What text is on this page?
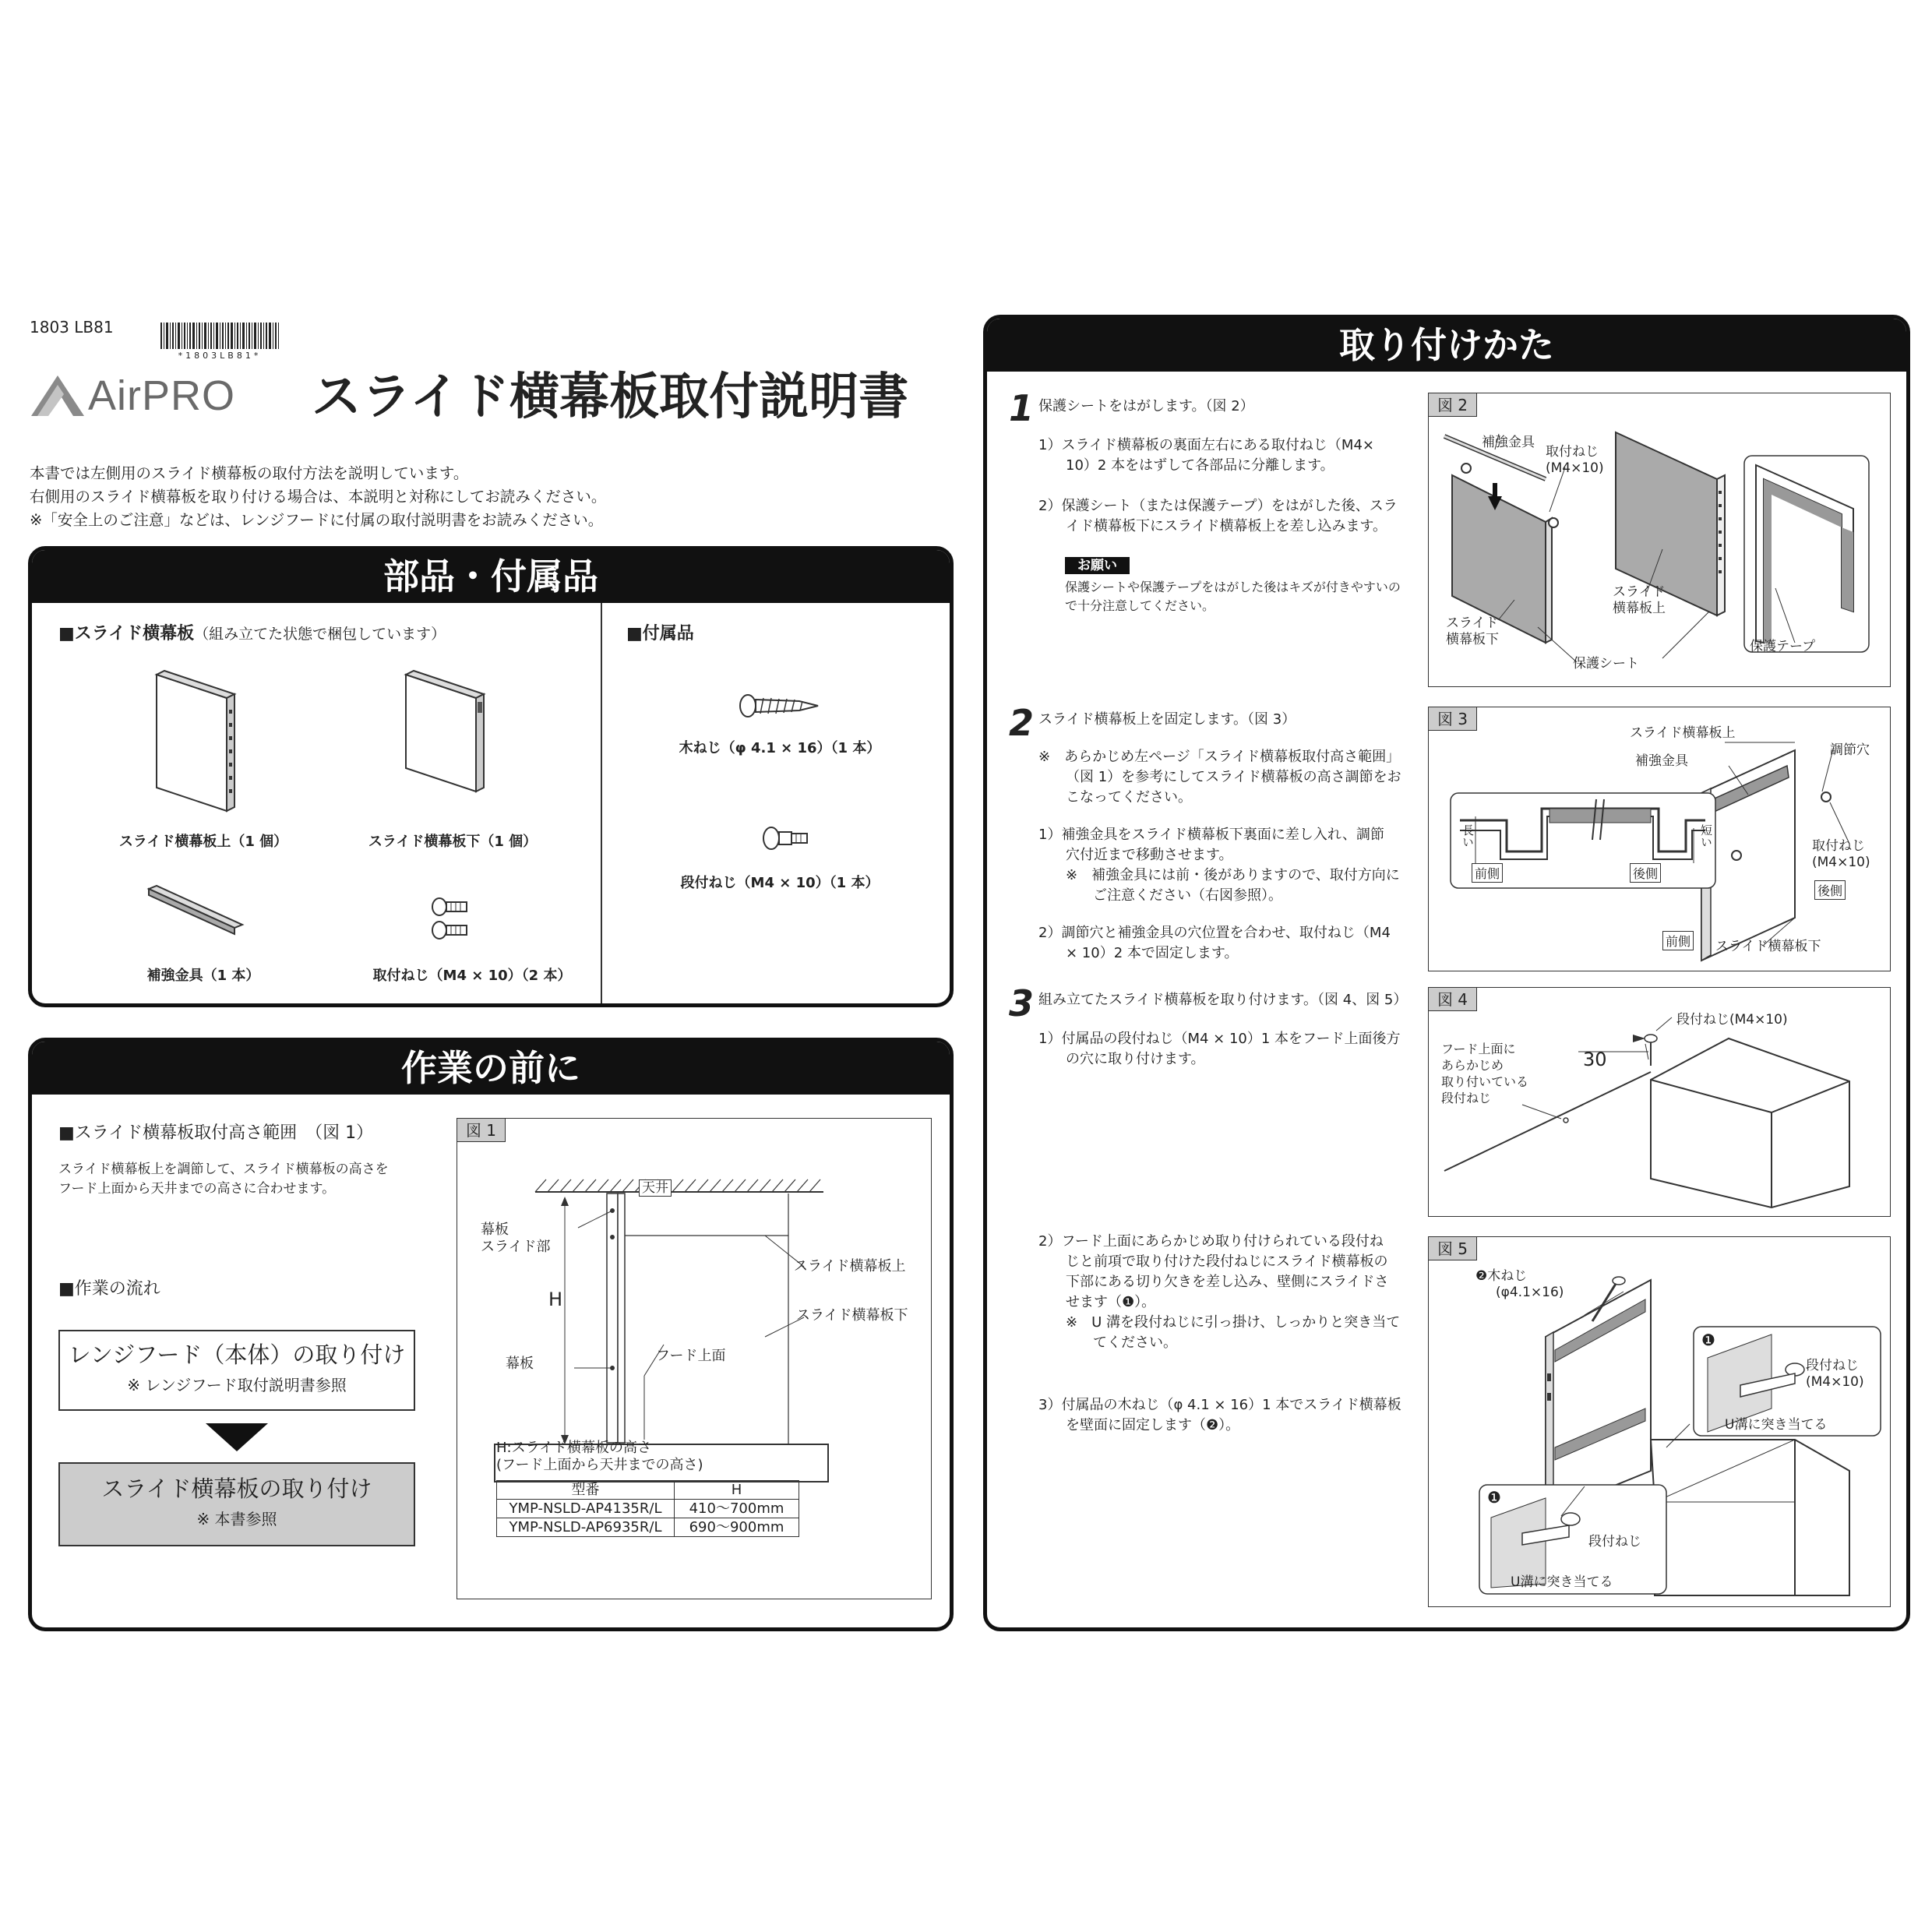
1803 LB81
*1803LB81*
AirPRO スライド横幕板取付説明書
本書では左側用のスライド横幕板の取付方法を説明しています。
右側用のスライド横幕板を取り付ける場合は、本説明と対称にしてお読みください。
※「安全上のご注意」などは、レンジフードに付属の取付説明書をお読みください。
部品・付属品
■スライド横幕板（組み立てた状態で梱包しています）
スライド横幕板上（1 個）	スライド横幕板下（1 個）
補強金具（1 本）	取付ねじ（M4 × 10）（2 本）
■付属品
木ねじ（φ 4.1 × 16）（1 本）
段付ねじ（M4 × 10）（1 本）
作業の前に
■スライド横幕板取付高さ範囲　（図 1）
スライド横幕板上を調節して、スライド横幕板の高さを
フード上面から天井までの高さに合わせます。
■作業の流れ
レンジフード（本体）の取り付け
※ レンジフード取付説明書参照
スライド横幕板の取り付け
※ 本書参照
図 1
天井
幕板
スライド部
H
幕板	フード上面
スライド横幕板上
スライド横幕板下
H:スライド横幕板の高さ
(フード上面から天井までの高さ)
型番	H
YMP-NSLD-AP4135R/L	410〜700mm
YMP-NSLD-AP6935R/L	690〜900mm
取り付けかた
1 保護シートをはがします。（図 2）
1）スライド横幕板の裏面左右にある取付ねじ（M4×
10）2 本をはずして各部品に分離します。
2）保護シート（または保護テープ）をはがした後、スラ
イド横幕板下にスライド横幕板上を差し込みます。
お願い
保護シートや保護テープをはがした後はキズが付きやすいの
で十分注意してください。
図 2
補強金具
取付ねじ
(M4×10)
スライド
横幕板上
スライド
横幕板下
保護シート
保護テープ
2 スライド横幕板上を固定します。（図 3）
※　あらかじめ左ページ「スライド横幕板取付高さ範囲」
（図 1）を参考にしてスライド横幕板の高さ調節をお
こなってください。
1）補強金具をスライド横幕板下裏面に差し入れ、調節
穴付近まで移動させます。
※　補強金具には前・後がありますので、取付方向に
ご注意ください（右図参照）。
2）調節穴と補強金具の穴位置を合わせ、取付ねじ（M4
× 10）2 本で固定します。
図 3
スライド横幕板上
補強金具
調節穴
取付ねじ
(M4×10)
長い	短い
前側	後側
後側
前側 スライド横幕板下
3 組み立てたスライド横幕板を取り付けます。（図 4、図 5）
1）付属品の段付ねじ（M4 × 10）1 本をフード上面後方
の穴に取り付けます。
2）フード上面にあらかじめ取り付けられている段付ね
じと前項で取り付けた段付ねじにスライド横幕板の
下部にある切り欠きを差し込み、壁側にスライドさ
せます（❶）。
※　U 溝を段付ねじに引っ掛け、しっかりと突き当て
てください。
3）付属品の木ねじ（φ 4.1 × 16）1 本でスライド横幕板
を壁面に固定します（❷）。
図 4
段付ねじ(M4×10)
30
フード上面に
あらかじめ
取り付いている
段付ねじ
図 5
❷木ねじ
(φ4.1×16)
❶
段付ねじ
(M4×10)
U溝に突き当てる
❶
段付ねじ
U溝に突き当てる
